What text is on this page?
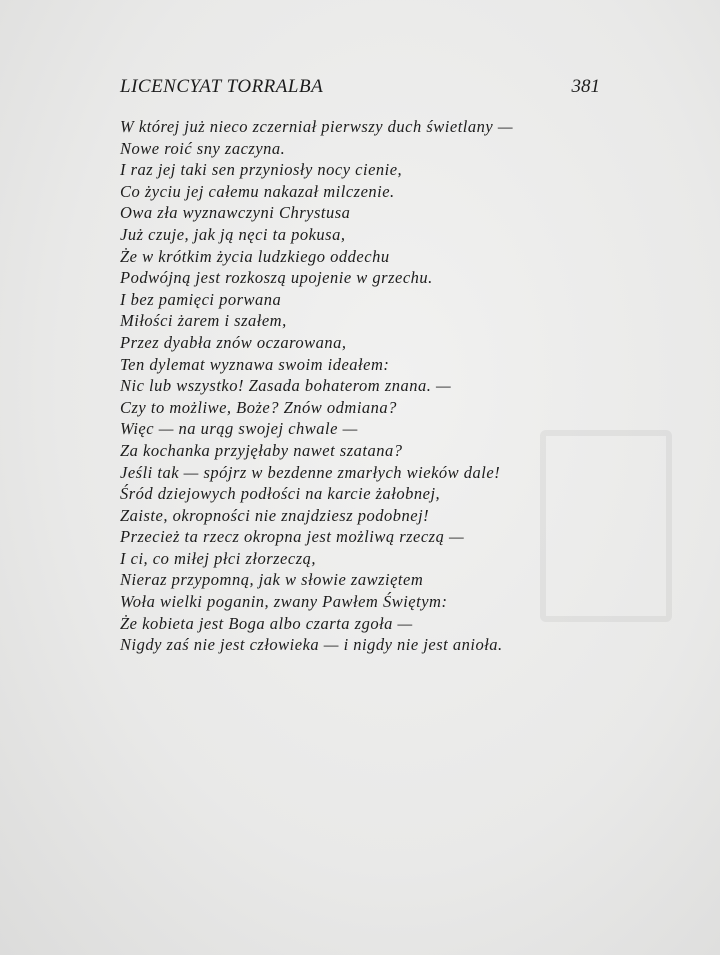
LICENCYAT TORRALBA	381
W której już nieco zczerniał pierwszy duch świetlany —
Nowe roić sny zaczyna.
I raz jej taki sen przyniosły nocy cienie,
Co życiu jej całemu nakazał milczenie.
Owa zła wyznawczyni Chrystusa
Już czuje, jak ją nęci ta pokusa,
Że w krótkim życia ludzkiego oddechu
Podwójną jest rozkoszą upojenie w grzechu.
I bez pamięci porwana
Miłości żarem i szałem,
Przez dyabła znów oczarowana,
Ten dylemat wyznawa swoim ideałem:
Nic lub wszystko! Zasada bohaterom znana. —
Czy to możliwe, Boże? Znów odmiana?
Więc — na urąg swojej chwale —
Za kochanka przyjęłaby nawet szatana?
Jeśli tak — spójrz w bezdenne zmarłych wieków dale!
Śród dziejowych podłości na karcie żałobnej,
Zaiste, okropności nie znajdziesz podobnej!
Przecież ta rzecz okropna jest możliwą rzeczą —
I ci, co miłej płci złorzeczą,
Nieraz przypomną, jak w słowie zawziętem
Woła wielki poganin, zwany Pawłem Świętym:
Że kobieta jest Boga albo czarta zgoła —
Nigdy zaś nie jest człowieka — i nigdy nie jest anioła.
